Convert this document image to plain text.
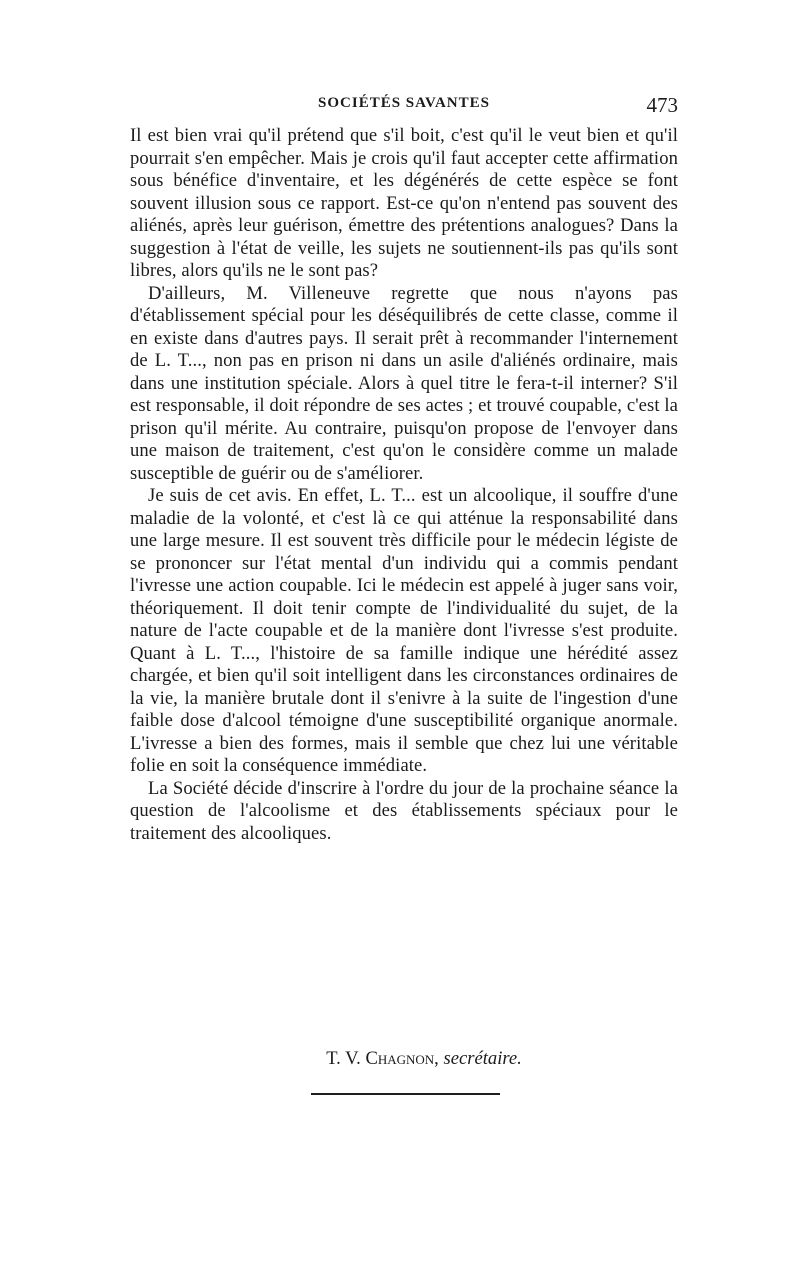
SOCIÉTÉS SAVANTES	473

Il est bien vrai qu'il prétend que s'il boit, c'est qu'il le veut bien et qu'il pourrait s'en empêcher. Mais je crois qu'il faut accepter cette affirmation sous bénéfice d'inventaire, et les dégénérés de cette espèce se font souvent illusion sous ce rapport. Est-ce qu'on n'entend pas souvent des aliénés, après leur guérison, émettre des prétentions analogues? Dans la suggestion à l'état de veille, les sujets ne soutiennent-ils pas qu'ils sont libres, alors qu'ils ne le sont pas?

D'ailleurs, M. Villeneuve regrette que nous n'ayons pas d'établissement spécial pour les déséquilibrés de cette classe, comme il en existe dans d'autres pays. Il serait prêt à recommander l'internement de L. T..., non pas en prison ni dans un asile d'aliénés ordinaire, mais dans une institution spéciale. Alors à quel titre le fera-t-il interner? S'il est responsable, il doit répondre de ses actes ; et trouvé coupable, c'est la prison qu'il mérite. Au contraire, puisqu'on propose de l'envoyer dans une maison de traitement, c'est qu'on le considère comme un malade susceptible de guérir ou de s'améliorer.

Je suis de cet avis. En effet, L. T... est un alcoolique, il souffre d'une maladie de la volonté, et c'est là ce qui atténue la responsabilité dans une large mesure. Il est souvent très difficile pour le médecin légiste de se prononcer sur l'état mental d'un individu qui a commis pendant l'ivresse une action coupable. Ici le médecin est appelé à juger sans voir, théoriquement. Il doit tenir compte de l'individualité du sujet, de la nature de l'acte coupable et de la manière dont l'ivresse s'est produite. Quant à L. T..., l'histoire de sa famille indique une hérédité assez chargée, et bien qu'il soit intelligent dans les circonstances ordinaires de la vie, la manière brutale dont il s'enivre à la suite de l'ingestion d'une faible dose d'alcool témoigne d'une susceptibilité organique anormale. L'ivresse a bien des formes, mais il semble que chez lui une véritable folie en soit la conséquence immédiate.

La Société décide d'inscrire à l'ordre du jour de la prochaine séance la question de l'alcoolisme et des établissements spéciaux pour le traitement des alcooliques.

T. V. Chagnon, secrétaire.
